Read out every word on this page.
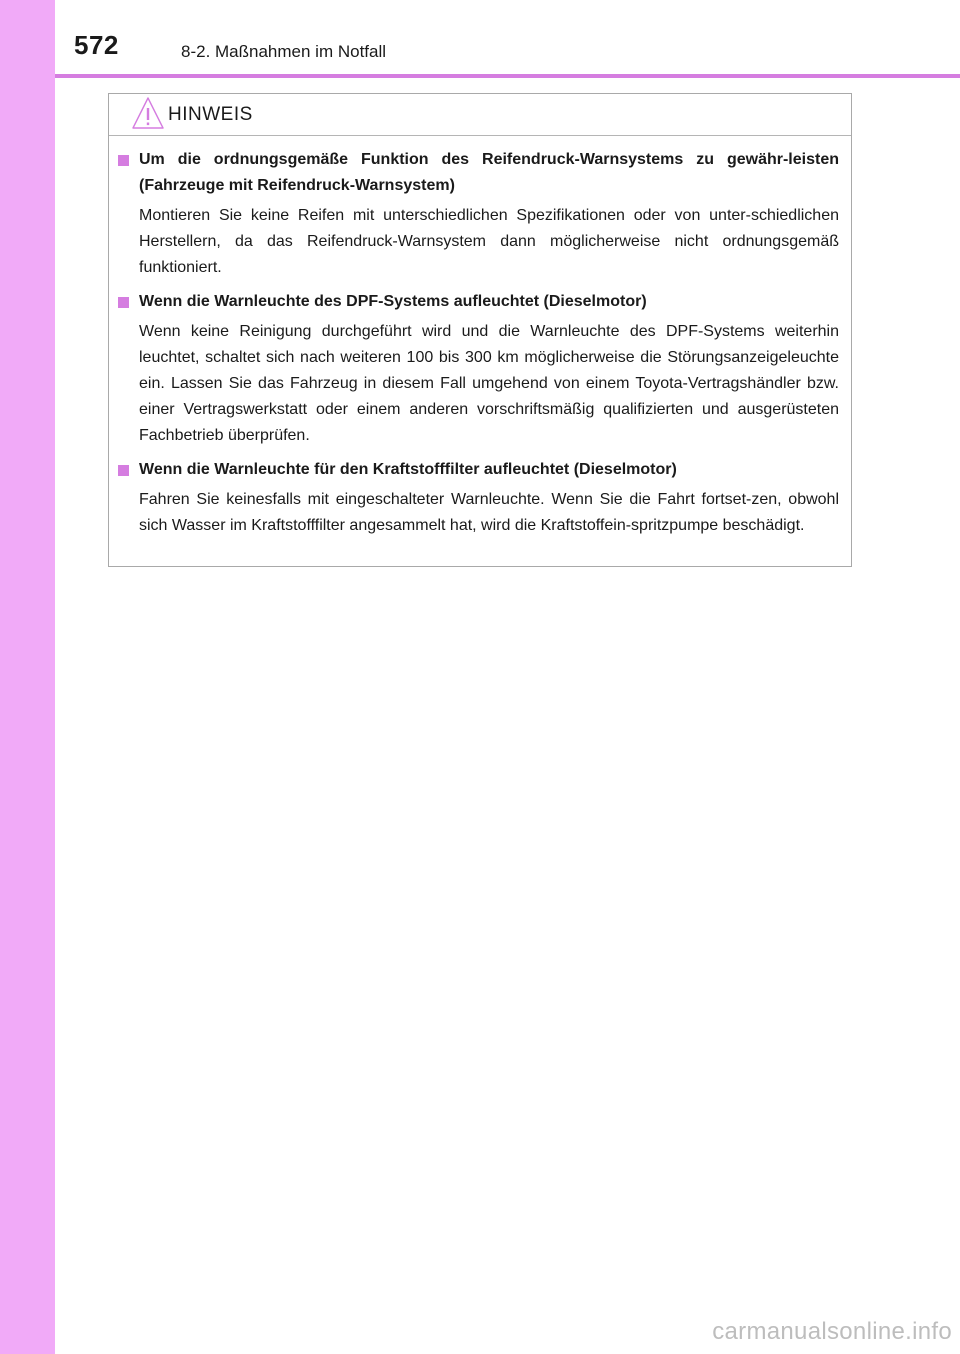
572	8-2. Maßnahmen im Notfall
HINWEIS
Um die ordnungsgemäße Funktion des Reifendruck-Warnsystems zu gewähr-leisten (Fahrzeuge mit Reifendruck-Warnsystem)
Montieren Sie keine Reifen mit unterschiedlichen Spezifikationen oder von unter-schiedlichen Herstellern, da das Reifendruck-Warnsystem dann möglicherweise nicht ordnungsgemäß funktioniert.
Wenn die Warnleuchte des DPF-Systems aufleuchtet (Dieselmotor)
Wenn keine Reinigung durchgeführt wird und die Warnleuchte des DPF-Systems weiterhin leuchtet, schaltet sich nach weiteren 100 bis 300 km möglicherweise die Störungsanzeigeleuchte ein. Lassen Sie das Fahrzeug in diesem Fall umgehend von einem Toyota-Vertragshändler bzw. einer Vertragswerkstatt oder einem anderen vorschriftsmäßig qualifizierten und ausgerüsteten Fachbetrieb überprüfen.
Wenn die Warnleuchte für den Kraftstofffilter aufleuchtet (Dieselmotor)
Fahren Sie keinesfalls mit eingeschalteter Warnleuchte. Wenn Sie die Fahrt fortset-zen, obwohl sich Wasser im Kraftstofffilter angesammelt hat, wird die Kraftstoffein-spritzpumpe beschädigt.
carmanualsonline.info
